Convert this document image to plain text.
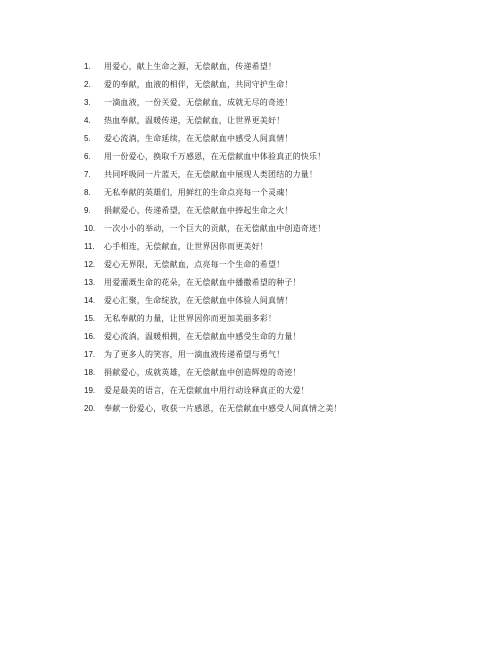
1.	用爱心，献上生命之源，无偿献血，传递希望！
2.	爱的奉献，血液的相伴，无偿献血，共同守护生命！
3.	一滴血液，一份关爱，无偿献血，成就无尽的奇迹！
4.	热血奉献，温暖传递，无偿献血，让世界更美好！
5.	爱心流淌，生命延续，在无偿献血中感受人间真情！
6.	用一份爱心，换取千万感恩，在无偿献血中体验真正的快乐！
7.	共同呼吸同一片蓝天，在无偿献血中展现人类团结的力量！
8.	无私奉献的英雄们，用鲜红的生命点亮每一个灵魂！
9.	捐献爱心，传递希望，在无偿献血中捧起生命之火！
10.	一次小小的举动，一个巨大的贡献，在无偿献血中创造奇迹！
11.	心手相连，无偿献血，让世界因你而更美好！
12.	爱心无界限，无偿献血，点亮每一个生命的希望！
13.	用爱灌溉生命的花朵，在无偿献血中播撒希望的种子！
14.	爱心汇聚，生命绽放，在无偿献血中体验人间真情！
15.	无私奉献的力量，让世界因你而更加美丽多彩！
16.	爱心流淌，温暖相拥，在无偿献血中感受生命的力量！
17.	为了更多人的笑容，用一滴血液传递希望与勇气！
18.	捐献爱心，成就英雄，在无偿献血中创造辉煌的奇迹！
19.	爱是最美的语言，在无偿献血中用行动诠释真正的大爱！
20.	奉献一份爱心，收获一片感恩，在无偿献血中感受人间真情之美！
